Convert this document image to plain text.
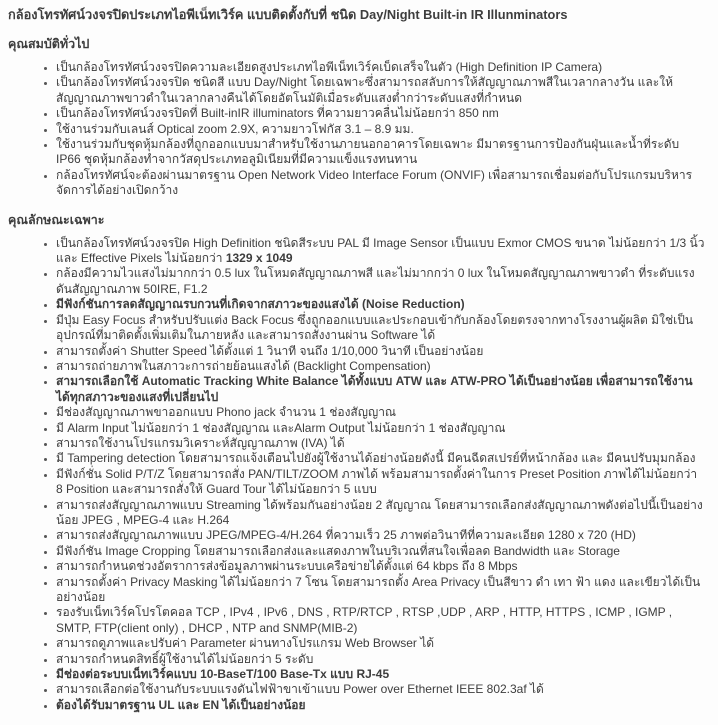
กล้องโทรทัศน์วงจรปิดประเภทไอพีเน็ทเวิร์ค แบบติดตั้งกับที่ ชนิด Day/Night Built-in IR Illunminators
คุณสมบัติทั่วไป
• เป็นกล้องโทรทัศน์วงจรปิดความละเอียดสูงประเภทไอพีเน็ทเวิร์คเบ็ดเสร็จในตัว (High Definition IP Camera)
• เป็นกล้องโทรทัศน์วงจรปิด ชนิดสี แบบ Day/Night โดยเฉพาะซึ่งสามารถสลับการให้สัญญาณภาพสีในเวลากลางวัน และให้สัญญาณภาพขาวดำในเวลากลางคืนได้โดยอัตโนมัติเมื่อระดับแสงต่ำกว่าระดับแสงที่กำหนด
• เป็นกล้องโทรทัศน์วงจรปิดที่ Built-inIR illuminators ที่ความยาวคลื่นไม่น้อยกว่า 850 nm
• ใช้งานร่วมกับเลนส์ Optical zoom 2.9X, ความยาวโฟกัส 3.1 – 8.9 มม.
• ใช้งานร่วมกับชุดหุ้มกล้องที่ถูกออกแบบมาสำหรับใช้งานภายนอกอาคารโดยเฉพาะ มีมาตรฐานการป้องกันฝุ่นและน้ำที่ระดับ IP66 ชุดหุ้มกล้องทำจากวัสดุประเภทอลูมิเนียมที่มีความแข็งแรงทนทาน
• กล้องโทรทัศน์จะต้องผ่านมาตรฐาน Open Network Video Interface Forum (ONVIF) เพื่อสามารถเชื่อมต่อกับโปรแกรมบริหารจัดการได้อย่างเปิดกว้าง
คุณลักษณะเฉพาะ
• เป็นกล้องโทรทัศน์วงจรปิด High Definition ชนิดสีระบบ PAL มี Image Sensor เป็นแบบ Exmor CMOS ขนาด ไม่น้อยกว่า 1/3 นิ้ว และ Effective Pixels ไม่น้อยกว่า 1329 x 1049
• กล้องมีความไวแสงไม่มากกว่า 0.5 lux ในโหมดสัญญาณภาพสี และไม่มากกว่า 0 lux ในโหมดสัญญาณภาพขาวดำ ที่ระดับแรงดันสัญญาณภาพ 50IRE, F1.2
• มีฟังก์ชันการลดสัญญาณรบกวนที่เกิดจากสภาวะของแสงได้ (Noise Reduction)
• มีปุ่ม Easy Focus สำหรับปรับแต่ง Back Focus ซึ่งถูกออกแบบและประกอบเข้ากับกล้องโดยตรงจากทางโรงงานผู้ผลิต มิใช่เป็นอุปกรณ์ที่มาติดตั้งเพิ่มเติมในภายหลัง และสามารถสั่งงานผ่าน Software ได้
• สามารถตั้งค่า Shutter Speed ได้ตั้งแต่ 1 วินาที จนถึง 1/10,000 วินาที เป็นอย่างน้อย
• สามารถถ่ายภาพในสภาวะการถ่ายย้อนแสงได้ (Backlight Compensation)
• สามารถเลือกใช้ Automatic Tracking White Balance ได้ทั้งแบบ ATW และ ATW-PRO ได้เป็นอย่างน้อย เพื่อสามารถใช้งานได้ทุกสภาวะของแสงที่เปลี่ยนไป
• มีช่องสัญญาณภาพขาออกแบบ Phono jack จำนวน 1 ช่องสัญญาณ
• มี Alarm Input ไม่น้อยกว่า 1 ช่องสัญญาณ และAlarm Output ไม่น้อยกว่า 1 ช่องสัญญาณ
• สามารถใช้งานโปรแกรมวิเคราะห์สัญญาณภาพ (IVA) ได้
• มี Tampering detection โดยสามารถแจ้งเตือนไปยังผู้ใช้งานได้อย่างน้อยดังนี้ มีคนฉีดสเปรย์ที่หน้ากล้อง และ มีคนปรับมุมกล้อง
• มีฟังก์ชั่น Solid P/T/Z โดยสามารถสั่ง PAN/TILT/ZOOM ภาพได้ พร้อมสามารถตั้งค่าในการ Preset Position ภาพได้ไม่น้อยกว่า 8 Position และสามารถสั่งให้ Guard Tour ได้ไม่น้อยกว่า 5 แบบ
• สามารถส่งสัญญาณภาพแบบ Streaming ได้พร้อมกันอย่างน้อย 2 สัญญาณ โดยสามารถเลือกส่งสัญญาณภาพดังต่อไปนี้เป็นอย่างน้อย JPEG , MPEG-4 และ H.264
• สามารถส่งสัญญาณภาพแบบ JPEG/MPEG-4/H.264 ที่ความเร็ว 25 ภาพต่อวินาทีที่ความละเอียด 1280 x 720 (HD)
• มีฟังก์ชัน Image Cropping โดยสามารถเลือกส่งและแสดงภาพในบริเวณที่สนใจเพื่อลด Bandwidth และ Storage
• สามารถกำหนดช่วงอัตราการส่งข้อมูลภาพผ่านระบบเครือข่ายได้ตั้งแต่ 64 kbps ถึง 8 Mbps
• สามารถตั้งค่า Privacy Masking ได้ไม่น้อยกว่า 7 โซน โดยสามารถตั้ง Area Privacy เป็นสีขาว ดำ เทา ฟ้า แดง และเขียวได้เป็นอย่างน้อย
• รองรับเน็ทเวิร์คโปรโตคอล TCP , IPv4 , IPv6 , DNS , RTP/RTCP , RTSP ,UDP , ARP , HTTP, HTTPS , ICMP , IGMP , SMTP, FTP(client only) , DHCP , NTP and SNMP(MIB-2)
• สามารถดูภาพและปรับค่า Parameter ผ่านทางโปรแกรม Web Browser ได้
• สามารถกำหนดสิทธิ์ผู้ใช้งานได้ไม่น้อยกว่า 5 ระดับ
• มีช่องต่อระบบเน็ทเวิร์คแบบ 10-BaseT/100 Base-Tx แบบ RJ-45
• สามารถเลือกต่อใช้งานกับระบบแรงดันไฟฟ้าขาเข้าแบบ Power over Ethernet IEEE 802.3af ได้
• ต้องได้รับมาตรฐาน UL และ EN ได้เป็นอย่างน้อย
